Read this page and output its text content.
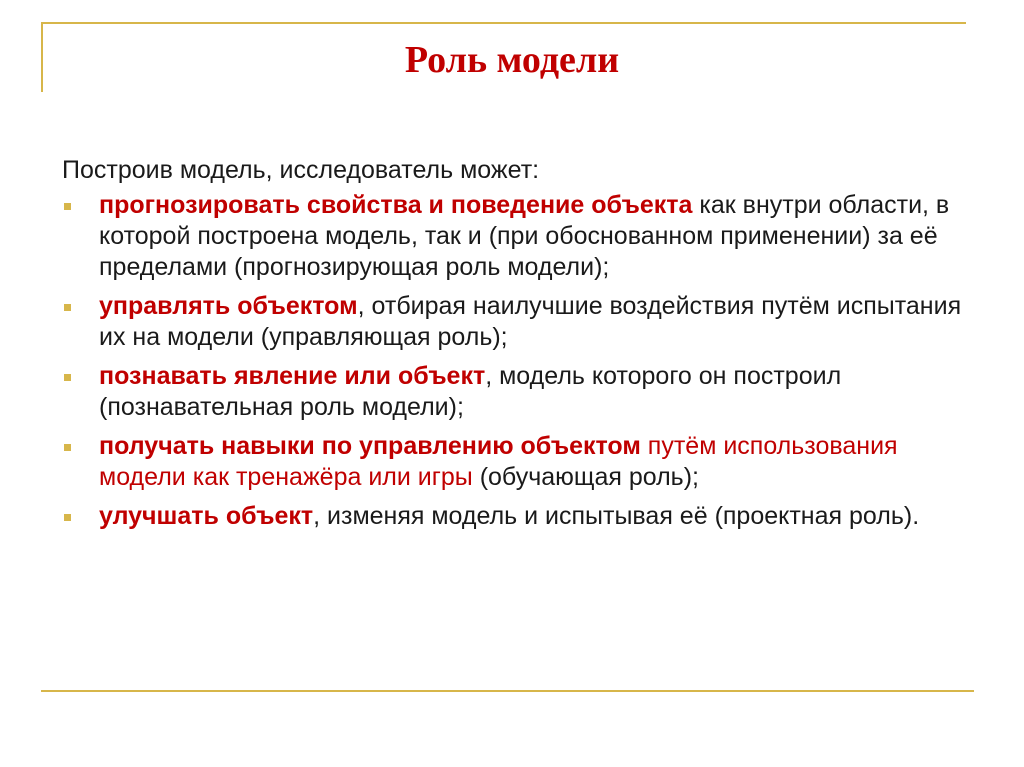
Роль модели

Построив модель, исследователь может:

прогнозировать свойства и поведение объекта как внутри области, в которой построена модель, так и (при обоснованном применении) за её пределами (прогнозирующая роль модели);
управлять объектом, отбирая наилучшие воздействия путём испытания их на модели (управляющая роль);
познавать явление или объект, модель которого он построил (познавательная роль модели);
получать навыки по управлению объектом путём использования модели как тренажёра или игры (обучающая роль);
улучшать объект, изменяя модель и испытывая её (проектная роль).
